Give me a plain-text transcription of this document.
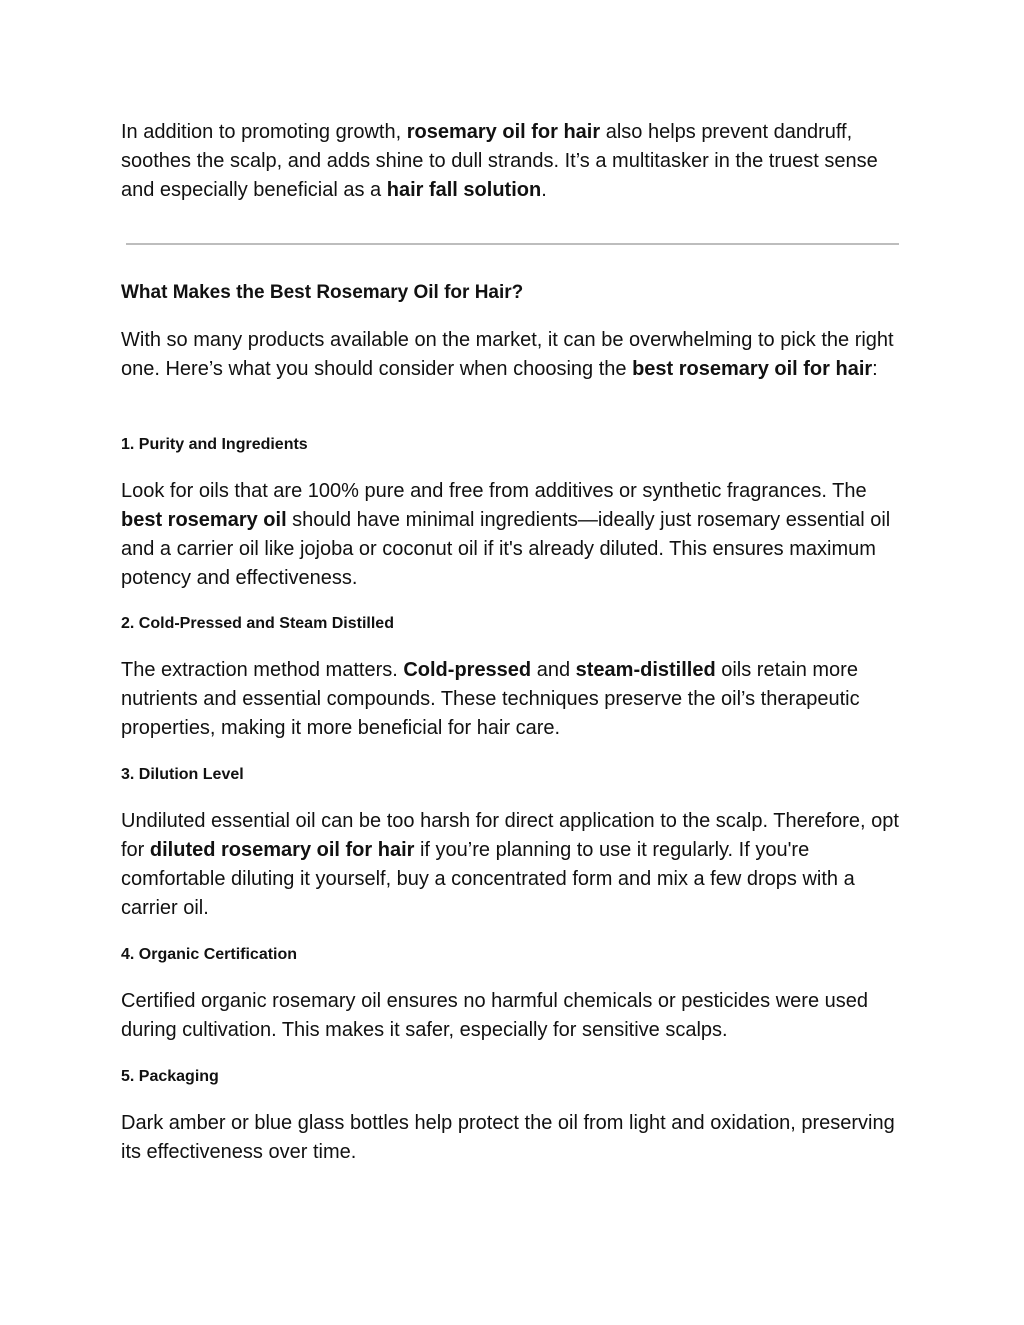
In addition to promoting growth, rosemary oil for hair also helps prevent dandruff, soothes the scalp, and adds shine to dull strands. It’s a multitasker in the truest sense and especially beneficial as a hair fall solution.

What Makes the Best Rosemary Oil for Hair?

With so many products available on the market, it can be overwhelming to pick the right one. Here’s what you should consider when choosing the best rosemary oil for hair:

1. Purity and Ingredients

Look for oils that are 100% pure and free from additives or synthetic fragrances. The best rosemary oil should have minimal ingredients—ideally just rosemary essential oil and a carrier oil like jojoba or coconut oil if it's already diluted. This ensures maximum potency and effectiveness.

2. Cold-Pressed and Steam Distilled

The extraction method matters. Cold-pressed and steam-distilled oils retain more nutrients and essential compounds. These techniques preserve the oil’s therapeutic properties, making it more beneficial for hair care.

3. Dilution Level

Undiluted essential oil can be too harsh for direct application to the scalp. Therefore, opt for diluted rosemary oil for hair if you’re planning to use it regularly. If you're comfortable diluting it yourself, buy a concentrated form and mix a few drops with a carrier oil.

4. Organic Certification

Certified organic rosemary oil ensures no harmful chemicals or pesticides were used during cultivation. This makes it safer, especially for sensitive scalps.

5. Packaging

Dark amber or blue glass bottles help protect the oil from light and oxidation, preserving its effectiveness over time.
